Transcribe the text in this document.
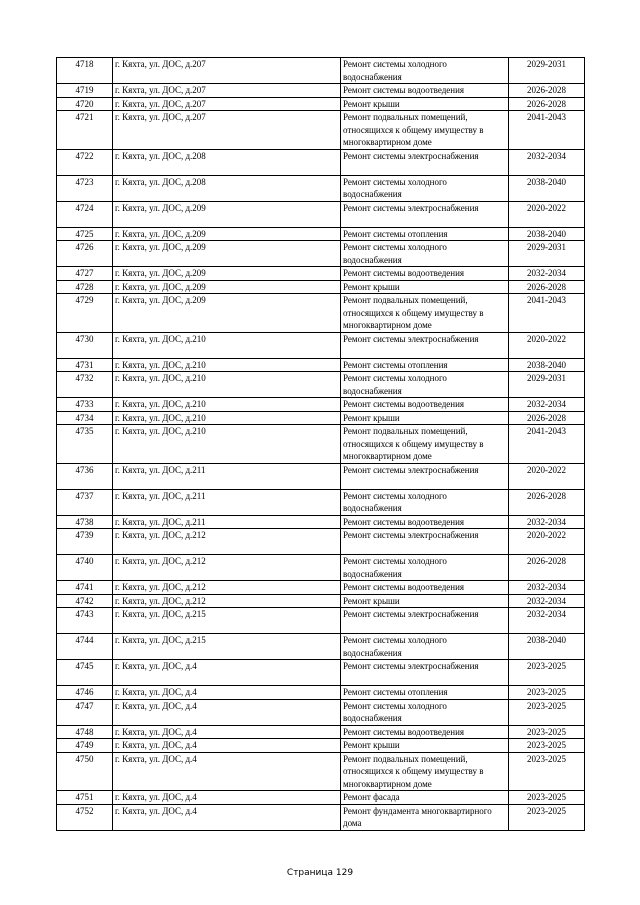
4718	г. Кяхта, ул. ДОС, д.207	Ремонт системы холодного водоснабжения	2029-2031
4719	г. Кяхта, ул. ДОС, д.207	Ремонт системы водоотведения	2026-2028
4720	г. Кяхта, ул. ДОС, д.207	Ремонт крыши	2026-2028
4721	г. Кяхта, ул. ДОС, д.207	Ремонт подвальных помещений, относящихся к общему имуществу в многоквартирном доме	2041-2043
4722	г. Кяхта, ул. ДОС, д.208	Ремонт системы электроснабжения	2032-2034
4723	г. Кяхта, ул. ДОС, д.208	Ремонт системы холодного водоснабжения	2038-2040
4724	г. Кяхта, ул. ДОС, д.209	Ремонт системы электроснабжения	2020-2022
4725	г. Кяхта, ул. ДОС, д.209	Ремонт системы отопления	2038-2040
4726	г. Кяхта, ул. ДОС, д.209	Ремонт системы холодного водоснабжения	2029-2031
4727	г. Кяхта, ул. ДОС, д.209	Ремонт системы водоотведения	2032-2034
4728	г. Кяхта, ул. ДОС, д.209	Ремонт крыши	2026-2028
4729	г. Кяхта, ул. ДОС, д.209	Ремонт подвальных помещений, относящихся к общему имуществу в многоквартирном доме	2041-2043
4730	г. Кяхта, ул. ДОС, д.210	Ремонт системы электроснабжения	2020-2022
4731	г. Кяхта, ул. ДОС, д.210	Ремонт системы отопления	2038-2040
4732	г. Кяхта, ул. ДОС, д.210	Ремонт системы холодного водоснабжения	2029-2031
4733	г. Кяхта, ул. ДОС, д.210	Ремонт системы водоотведения	2032-2034
4734	г. Кяхта, ул. ДОС, д.210	Ремонт крыши	2026-2028
4735	г. Кяхта, ул. ДОС, д.210	Ремонт подвальных помещений, относящихся к общему имуществу в многоквартирном доме	2041-2043
4736	г. Кяхта, ул. ДОС, д.211	Ремонт системы электроснабжения	2020-2022
4737	г. Кяхта, ул. ДОС, д.211	Ремонт системы холодного водоснабжения	2026-2028
4738	г. Кяхта, ул. ДОС, д.211	Ремонт системы водоотведения	2032-2034
4739	г. Кяхта, ул. ДОС, д.212	Ремонт системы электроснабжения	2020-2022
4740	г. Кяхта, ул. ДОС, д.212	Ремонт системы холодного водоснабжения	2026-2028
4741	г. Кяхта, ул. ДОС, д.212	Ремонт системы водоотведения	2032-2034
4742	г. Кяхта, ул. ДОС, д.212	Ремонт крыши	2032-2034
4743	г. Кяхта, ул. ДОС, д.215	Ремонт системы электроснабжения	2032-2034
4744	г. Кяхта, ул. ДОС, д.215	Ремонт системы холодного водоснабжения	2038-2040
4745	г. Кяхта, ул. ДОС, д.4	Ремонт системы электроснабжения	2023-2025
4746	г. Кяхта, ул. ДОС, д.4	Ремонт системы отопления	2023-2025
4747	г. Кяхта, ул. ДОС, д.4	Ремонт системы холодного водоснабжения	2023-2025
4748	г. Кяхта, ул. ДОС, д.4	Ремонт системы водоотведения	2023-2025
4749	г. Кяхта, ул. ДОС, д.4	Ремонт крыши	2023-2025
4750	г. Кяхта, ул. ДОС, д.4	Ремонт подвальных помещений, относящихся к общему имуществу в многоквартирном доме	2023-2025
4751	г. Кяхта, ул. ДОС, д.4	Ремонт фасада	2023-2025
4752	г. Кяхта, ул. ДОС, д.4	Ремонт фундамента многоквартирного дома	2023-2025
Страница 129
